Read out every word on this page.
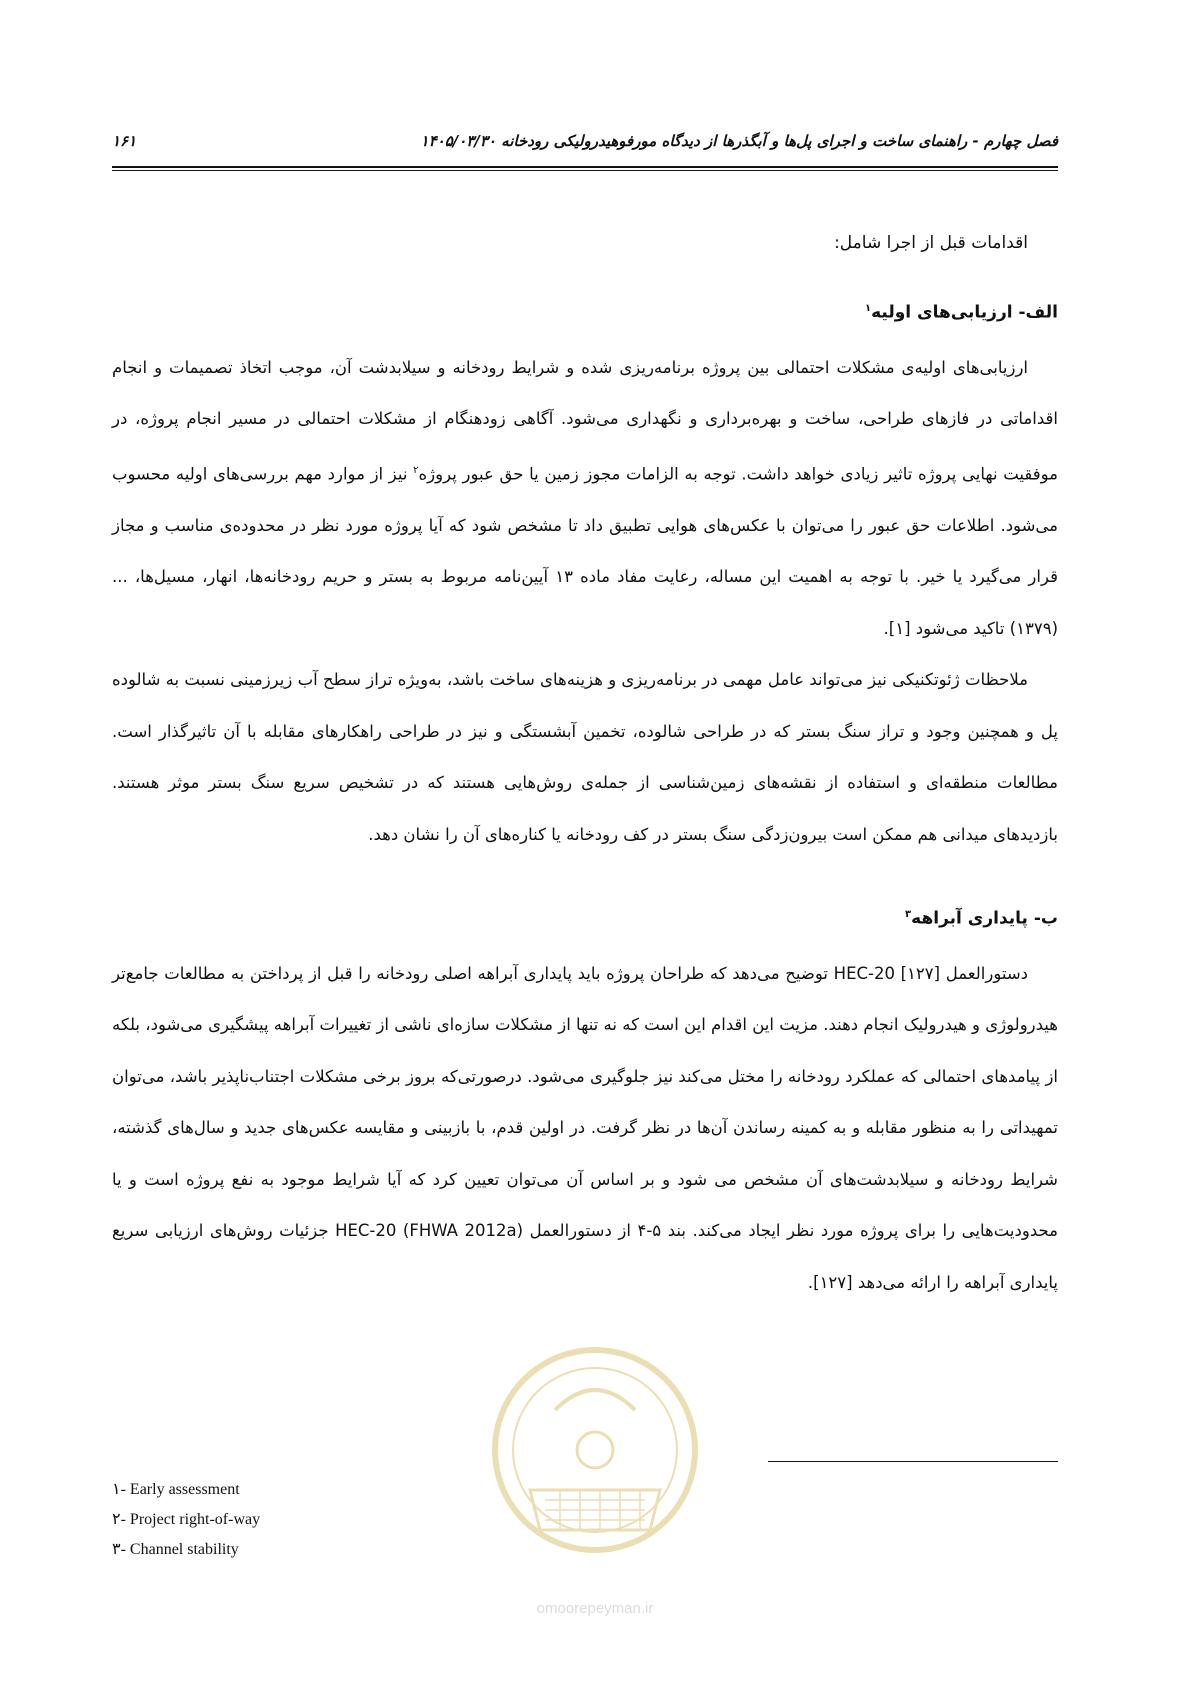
فصل چهارم - راهنمای ساخت و اجرای پل‌ها و آبگذرها از دیدگاه مورفوهیدرولیکی رودخانه ۱۴۰۵/۰۳/۳۰
۱۶۱

اقدامات قبل از اجرا شامل:

الف- ارزیابی‌های اولیه$^۱$

ارزیابی‌های اولیه‌ی مشکلات احتمالی بین پروژه برنامه‌ریزی شده و شرایط رودخانه و سیلابدشت آن، موجب اتخاذ تصمیمات و انجام اقداماتی در فازهای طراحی، ساخت و بهره‌برداری و نگهداری می‌شود. آگاهی زودهنگام از مشکلات احتمالی در مسیر انجام پروژه، در موفقیت نهایی پروژه تاثیر زیادی خواهد داشت. توجه به الزامات مجوز زمین یا حق عبور پروژه$^۲$ نیز از موارد مهم بررسی‌های اولیه محسوب می‌شود. اطلاعات حق عبور را می‌توان با عکس‌های هوایی تطبیق داد تا مشخص شود که آیا پروژه مورد نظر در محدوده‌ی مناسب و مجاز قرار می‌گیرد یا خیر. با توجه به اهمیت این مساله، رعایت مفاد ماده ۱۳ آیین‌نامه مربوط به بستر و حریم رودخانه‌ها، انهار، مسیل‌ها، ... (۱۳۷۹) تاکید می‌شود [۱].

ملاحظات ژئوتکنیکی نیز می‌تواند عامل مهمی در برنامه‌ریزی و هزینه‌های ساخت باشد، به‌ویژه تراز سطح آب زیرزمینی نسبت به شالوده پل و همچنین وجود و تراز سنگ بستر که در طراحی شالوده، تخمین آبشستگی و نیز در طراحی راهکارهای مقابله با آن تاثیرگذار است. مطالعات منطقه‌ای و استفاده از نقشه‌های زمین‌شناسی از جمله‌ی روش‌هایی هستند که در تشخیص سریع سنگ بستر موثر هستند. بازدیدهای میدانی هم ممکن است بیرون‌زدگی سنگ بستر در کف رودخانه یا کناره‌های آن را نشان دهد.

ب- پایداری آبراهه$^۳$

دستورالعمل HEC-20 [۱۲۷] توضیح می‌دهد که طراحان پروژه باید پایداری آبراهه اصلی رودخانه را قبل از پرداختن به مطالعات جامع‌تر هیدرولوژی و هیدرولیک انجام دهند. مزیت این اقدام این است که نه تنها از مشکلات سازه‌ای ناشی از تغییرات آبراهه پیشگیری می‌شود، بلکه از پیامدهای احتمالی که عملکرد رودخانه را مختل می‌کند نیز جلوگیری می‌شود. درصورتی‌که بروز برخی مشکلات اجتناب‌ناپذیر باشد، می‌توان تمهیداتی را به منظور مقابله و به کمینه رساندن آن‌ها در نظر گرفت. در اولین قدم، با بازبینی و مقایسه عکس‌های جدید و سال‌های گذشته، شرایط رودخانه و سیلابدشت‌های آن مشخص می شود و بر اساس آن می‌توان تعیین کرد که آیا شرایط موجود به نفع پروژه است و یا محدودیت‌هایی را برای پروژه مورد نظر ایجاد می‌کند. بند ۵-۴ از دستورالعمل HEC-20 (FHWA 2012a) جزئیات روش‌های ارزیابی سریع پایداری آبراهه را ارائه می‌دهد [۱۲۷].

omoorepeyman.ir
۱- Early assessment
۲- Project right-of-way
۳- Channel stability
